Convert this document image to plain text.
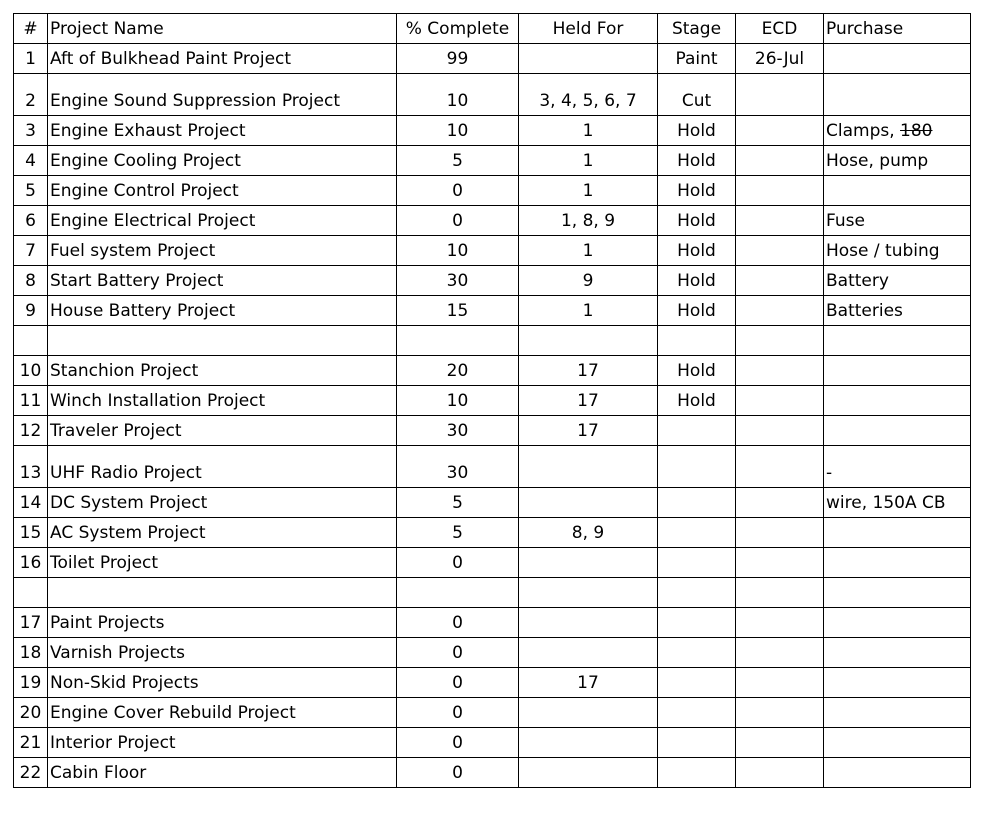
#	Project Name	% Complete	Held For	Stage	ECD	Purchase
1	Aft of Bulkhead Paint Project	99		Paint	26-Jul	
2	Engine Sound Suppression Project	10	3, 4, 5, 6, 7	Cut		
3	Engine Exhaust Project	10	1	Hold		Clamps, 180
4	Engine Cooling Project	5	1	Hold		Hose, pump
5	Engine Control Project	0	1	Hold		
6	Engine Electrical Project	0	1, 8, 9	Hold		Fuse
7	Fuel system Project	10	1	Hold		Hose / tubing
8	Start Battery Project	30	9	Hold		Battery
9	House Battery Project	15	1	Hold		Batteries

10	Stanchion Project	20	17	Hold		
11	Winch Installation Project	10	17	Hold		
12	Traveler Project	30	17			
13	UHF Radio Project	30				-
14	DC System Project	5				wire, 150A CB
15	AC System Project	5	8, 9			
16	Toilet Project	0				

17	Paint Projects	0				
18	Varnish Projects	0				
19	Non-Skid Projects	0	17			
20	Engine Cover Rebuild Project	0				
21	Interior Project	0				
22	Cabin Floor	0				
